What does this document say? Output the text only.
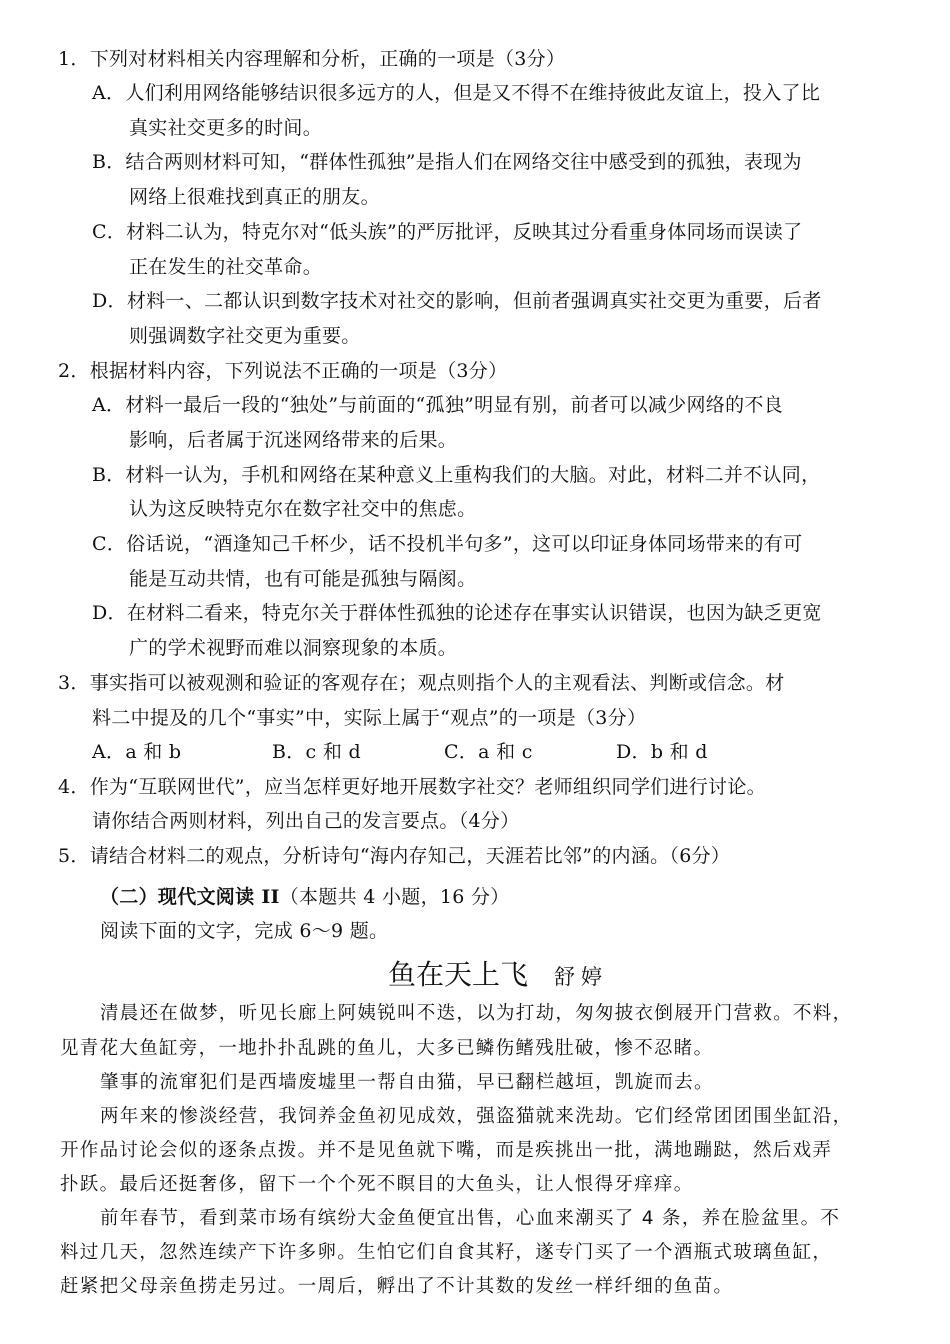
1．下列对材料相关内容理解和分析，正确的一项是（3分）
A．人们利用网络能够结识很多远方的人，但是又不得不在维持彼此友谊上，投入了比
真实社交更多的时间。
B．结合两则材料可知，“群体性孤独”是指人们在网络交往中感受到的孤独，表现为
网络上很难找到真正的朋友。
C．材料二认为，特克尔对“低头族”的严厉批评，反映其过分看重身体同场而误读了
正在发生的社交革命。
D．材料一、二都认识到数字技术对社交的影响，但前者强调真实社交更为重要，后者
则强调数字社交更为重要。
2．根据材料内容，下列说法不正确的一项是（3分）
A．材料一最后一段的“独处”与前面的“孤独”明显有别，前者可以减少网络的不良
影响，后者属于沉迷网络带来的后果。
B．材料一认为，手机和网络在某种意义上重构我们的大脑。对此，材料二并不认同，
认为这反映特克尔在数字社交中的焦虑。
C．俗话说，“酒逢知己千杯少，话不投机半句多”，这可以印证身体同场带来的有可
能是互动共情，也有可能是孤独与隔阂。
D．在材料二看来，特克尔关于群体性孤独的论述存在事实认识错误，也因为缺乏更宽
广的学术视野而难以洞察现象的本质。
3．事实指可以被观测和验证的客观存在；观点则指个人的主观看法、判断或信念。材
料二中提及的几个“事实”中，实际上属于“观点”的一项是（3分）
A．a 和 b	B．c 和 d	C．a 和 c	D．b 和 d
4．作为“互联网世代”，应当怎样更好地开展数字社交？老师组织同学们进行讨论。
请你结合两则材料，列出自己的发言要点。（4分）
5．请结合材料二的观点，分析诗句“海内存知己，天涯若比邻”的内涵。（6分）
（二）现代文阅读 II（本题共 4 小题，16 分）
阅读下面的文字，完成 6～9 题。
鱼在天上飞 舒婷
清晨还在做梦，听见长廊上阿姨锐叫不迭，以为打劫，匆匆披衣倒屐开门营救。不料，
见青花大鱼缸旁，一地扑扑乱跳的鱼儿，大多已鳞伤鳍残肚破，惨不忍睹。
肇事的流窜犯们是西墙废墟里一帮自由猫，早已翻栏越垣，凯旋而去。
两年来的惨淡经营，我饲养金鱼初见成效，强盗猫就来洗劫。它们经常团团围坐缸沿，
开作品讨论会似的逐条点拨。并不是见鱼就下嘴，而是疾挑出一批，满地蹦跶，然后戏弄
扑跃。最后还挺奢侈，留下一个个死不瞑目的大鱼头，让人恨得牙痒痒。
前年春节，看到菜市场有缤纷大金鱼便宜出售，心血来潮买了 4 条，养在脸盆里。不
料过几天，忽然连续产下许多卵。生怕它们自食其籽，遂专门买了一个酒瓶式玻璃鱼缸，
赶紧把父母亲鱼捞走另过。一周后，孵出了不计其数的发丝一样纤细的鱼苗。
